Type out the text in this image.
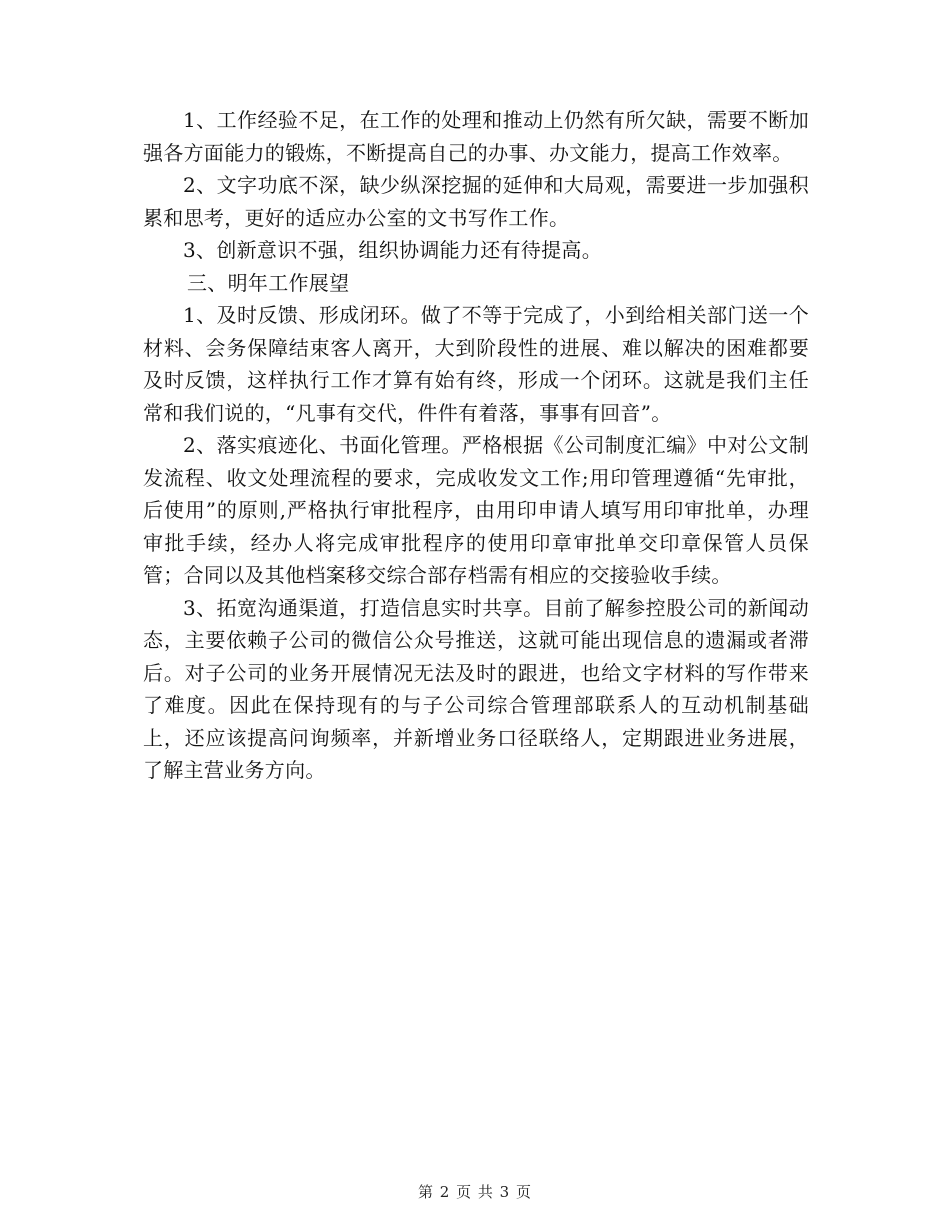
1、工作经验不足，在工作的处理和推动上仍然有所欠缺，需要不断加强各方面能力的锻炼，不断提高自己的办事、办文能力，提高工作效率。

2、文字功底不深，缺少纵深挖掘的延伸和大局观，需要进一步加强积累和思考，更好的适应办公室的文书写作工作。

3、创新意识不强，组织协调能力还有待提高。

三、明年工作展望

1、及时反馈、形成闭环。做了不等于完成了，小到给相关部门送一个材料、会务保障结束客人离开，大到阶段性的进展、难以解决的困难都要及时反馈，这样执行工作才算有始有终，形成一个闭环。这就是我们主任常和我们说的，“凡事有交代，件件有着落，事事有回音”。

2、落实痕迹化、书面化管理。严格根据《公司制度汇编》中对公文制发流程、收文处理流程的要求，完成收发文工作;用印管理遵循“先审批，后使用”的原则,严格执行审批程序，由用印申请人填写用印审批单，办理审批手续，经办人将完成审批程序的使用印章审批单交印章保管人员保管；合同以及其他档案移交综合部存档需有相应的交接验收手续。

3、拓宽沟通渠道，打造信息实时共享。目前了解参控股公司的新闻动态，主要依赖子公司的微信公众号推送，这就可能出现信息的遗漏或者滞后。对子公司的业务开展情况无法及时的跟进，也给文字材料的写作带来了难度。因此在保持现有的与子公司综合管理部联系人的互动机制基础上，还应该提高问询频率，并新增业务口径联络人，定期跟进业务进展，了解主营业务方向。

第 2 页 共 3 页
